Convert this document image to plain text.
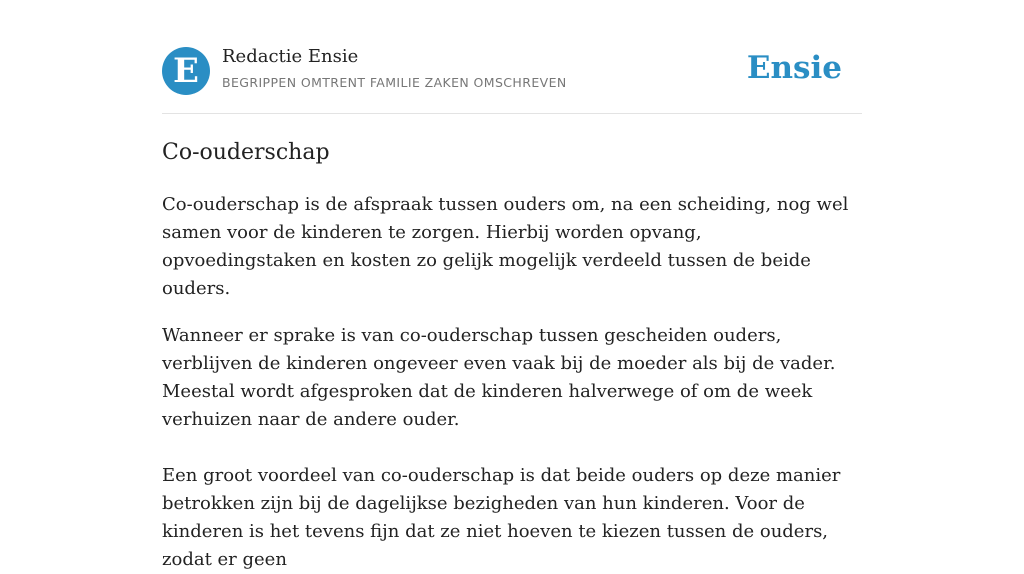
E	Redactie Ensie
BEGRIPPEN OMTRENT FAMILIE ZAKEN OMSCHREVEN	Ensie
Co-ouderschap

Co-ouderschap is de afspraak tussen ouders om, na een scheiding, nog wel samen voor de kinderen te zorgen. Hierbij worden opvang, opvoedingstaken en kosten zo gelijk mogelijk verdeeld tussen de beide ouders.

Wanneer er sprake is van co-ouderschap tussen gescheiden ouders, verblijven de kinderen ongeveer even vaak bij de moeder als bij de vader. Meestal wordt afgesproken dat de kinderen halverwege of om de week verhuizen naar de andere ouder.

Een groot voordeel van co-ouderschap is dat beide ouders op deze manier betrokken zijn bij de dagelijkse bezigheden van hun kinderen. Voor de kinderen is het tevens fijn dat ze niet hoeven te kiezen tussen de ouders, zodat er geen
